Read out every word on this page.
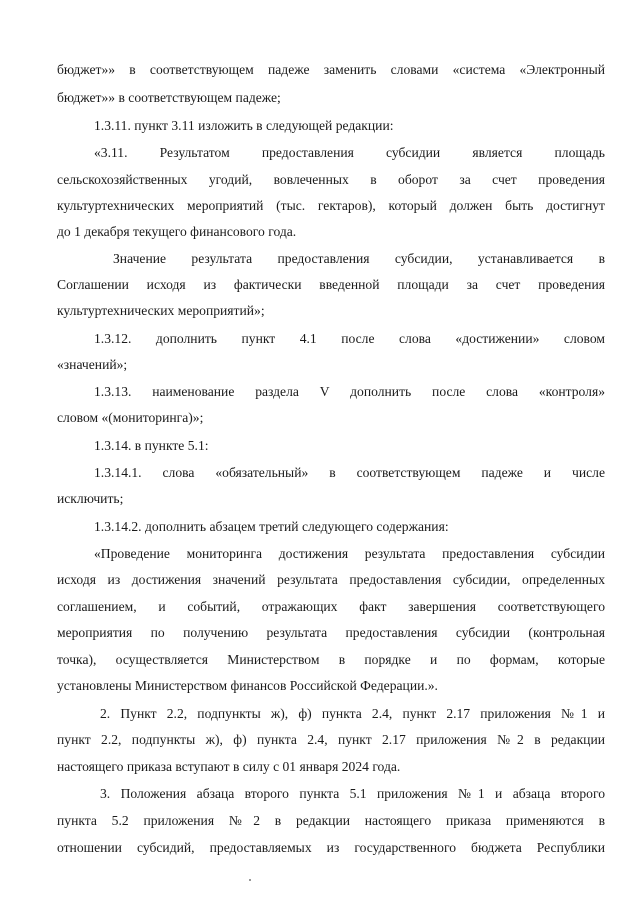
бюджет»» в соответствующем падеже заменить словами «система «Электронный
бюджет»» в соответствующем падеже;
1.3.11. пункт 3.11 изложить в следующей редакции:
«3.11. Результатом предоставления субсидии является площадь
сельскохозяйственных угодий, вовлеченных в оборот за счет проведения
культуртехнических мероприятий (тыс. гектаров), который должен быть достигнут
до 1 декабря текущего финансового года.
Значение результата предоставления субсидии, устанавливается в
Соглашении исходя из фактически введенной площади за счет проведения
культуртехнических мероприятий»;
1.3.12. дополнить пункт 4.1 после слова «достижении» словом
«значений»;
1.3.13. наименование раздела V дополнить после слова «контроля»
словом «(мониторинга)»;
1.3.14. в пункте 5.1:
1.3.14.1. слова «обязательный» в соответствующем падеже и числе
исключить;
1.3.14.2. дополнить абзацем третий следующего содержания:
«Проведение мониторинга достижения результата предоставления субсидии
исходя из достижения значений результата предоставления субсидии, определенных
соглашением, и событий, отражающих факт завершения соответствующего
мероприятия по получению результата предоставления субсидии (контрольная
точка), осуществляется Министерством в порядке и по формам, которые
установлены Министерством финансов Российской Федерации.».
2. Пункт 2.2, подпункты ж), ф) пункта 2.4, пункт 2.17 приложения №1 и
пункт 2.2, подпункты ж), ф) пункта 2.4, пункт 2.17 приложения №2 в редакции
настоящего приказа вступают в силу с 01 января 2024 года.
3. Положения абзаца второго пункта 5.1 приложения №1 и абзаца второго
пункта 5.2 приложения №2 в редакции настоящего приказа применяются в
отношении субсидий, предоставляемых из государственного бюджета Республики
